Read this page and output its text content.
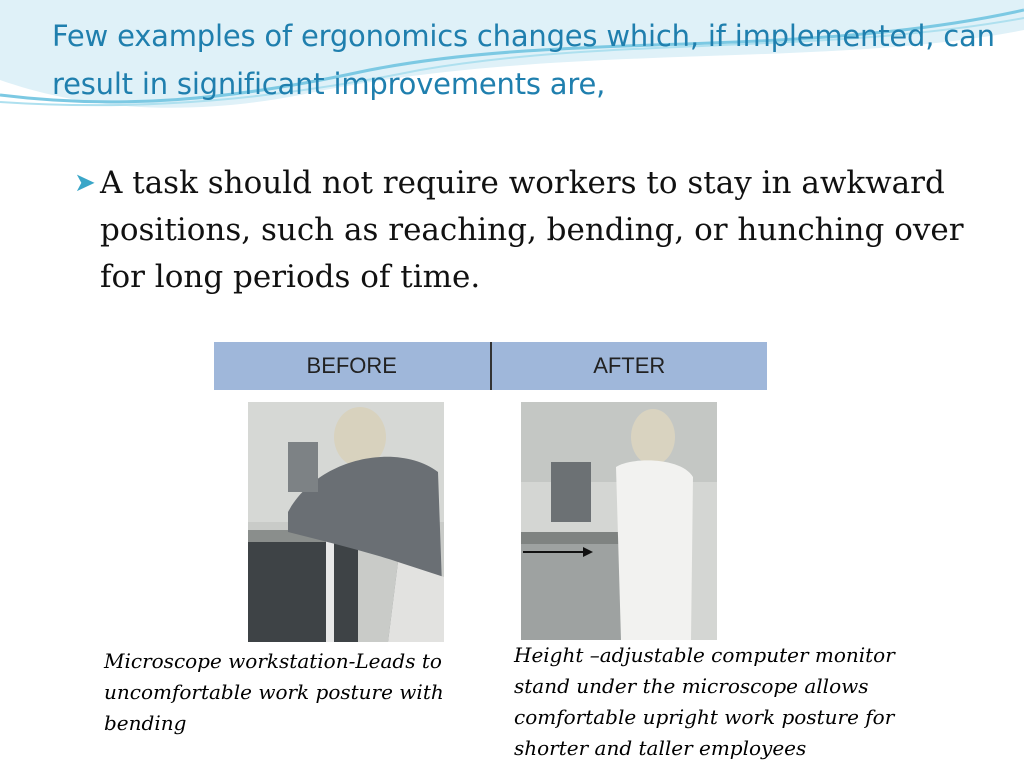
Few examples of ergonomics changes which, if implemented, can result in significant improvements are,
➤ A task should not require workers to stay in awkward positions, such as reaching, bending, or hunching over for long periods of time.
BEFORE	AFTER
Microscope workstation-Leads to uncomfortable work posture with bending
Height –adjustable computer monitor stand under the microscope allows comfortable upright work posture for shorter and taller employees
